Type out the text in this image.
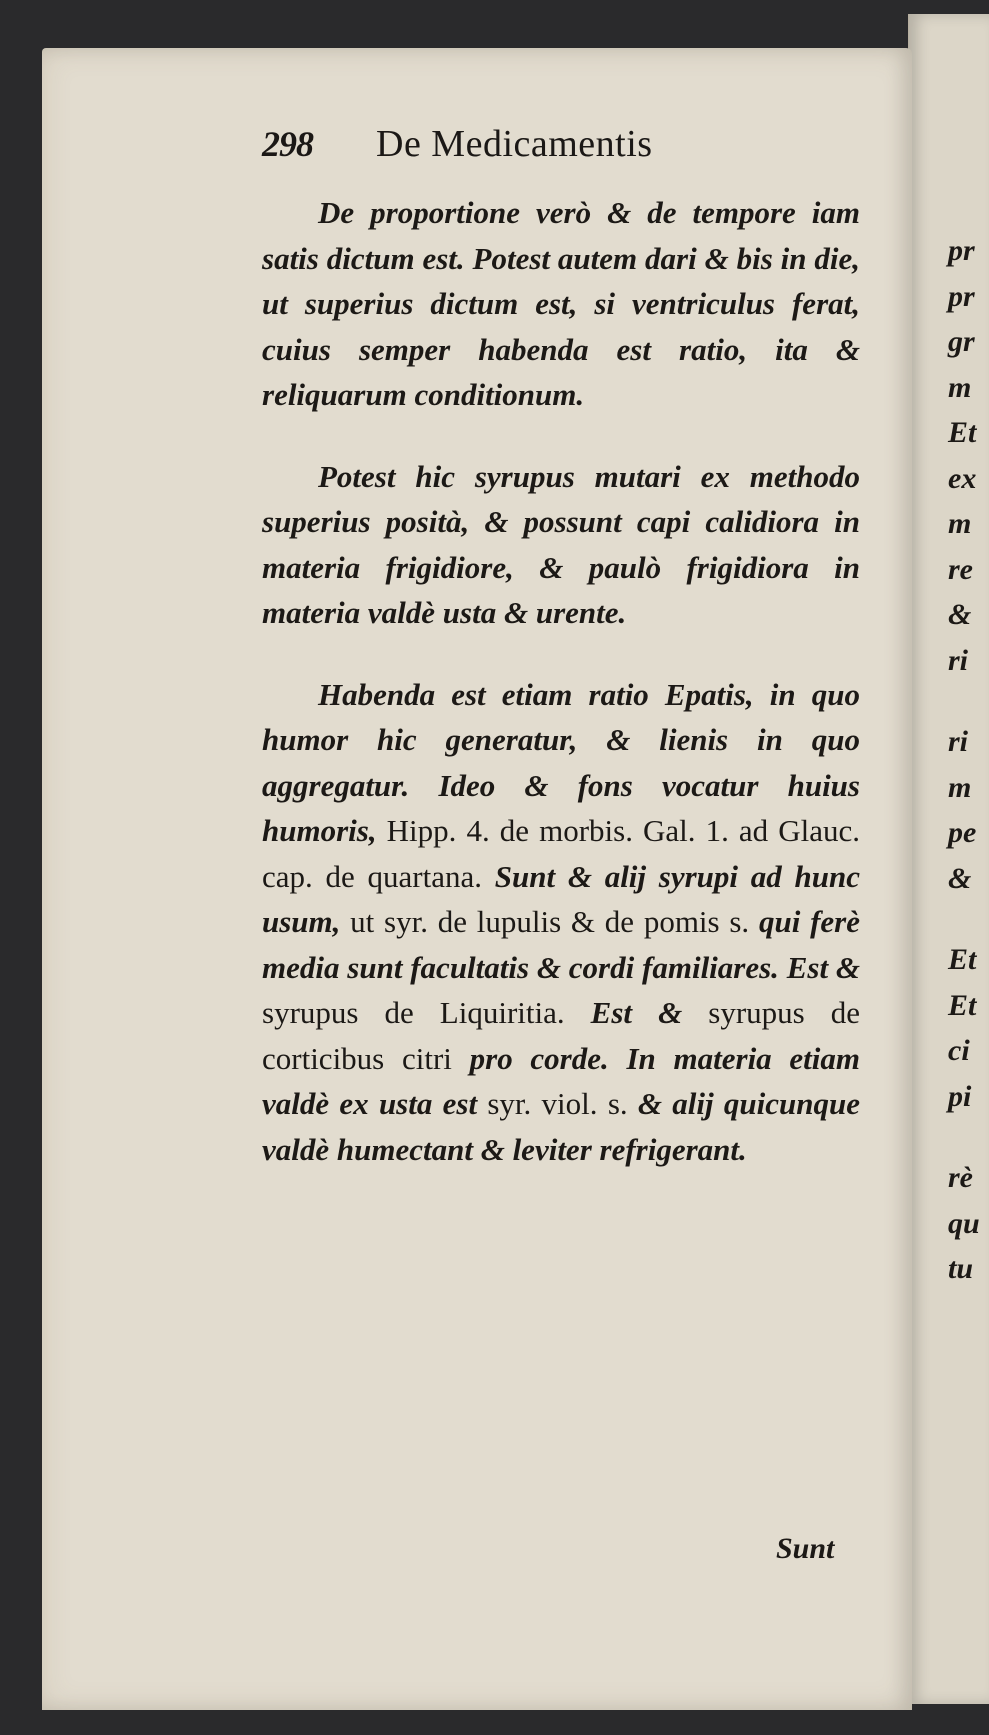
pr
pr
gr
m
Et
ex
m
re
&
ri
ri
m
pe
&
Et
Et
ci
pi
rè
qu
tu
298 De Medicamentis

De proportione verò & de tempore iam satis dictum est. Potest autem dari & bis in die, ut superius dictum est, si ventriculus ferat, cuius semper habenda est ratio, ita & reliquarum conditionum.

Potest hic syrupus mutari ex methodo superius posità, & possunt capi calidiora in materia frigidiore, & paulò frigidiora in materia valdè usta & urente.

Habenda est etiam ratio Epatis, in quo humor hic generatur, & lienis in quo aggregatur. Ideo & fons vocatur huius humoris, Hipp. 4. de morbis. Gal. 1. ad Glauc. cap. de quartana. Sunt & alij syrupi ad hunc usum, ut syr. de lupulis & de pomis s. qui ferè media sunt facultatis & cordi familiares. Est & syrupus de Liquiritia. Est & syrupus de corticibus citri pro corde. In materia etiam valdè ex usta est syr. viol. s. & alij quicunque valdè humectant & leviter refrigerant.

Sunt
